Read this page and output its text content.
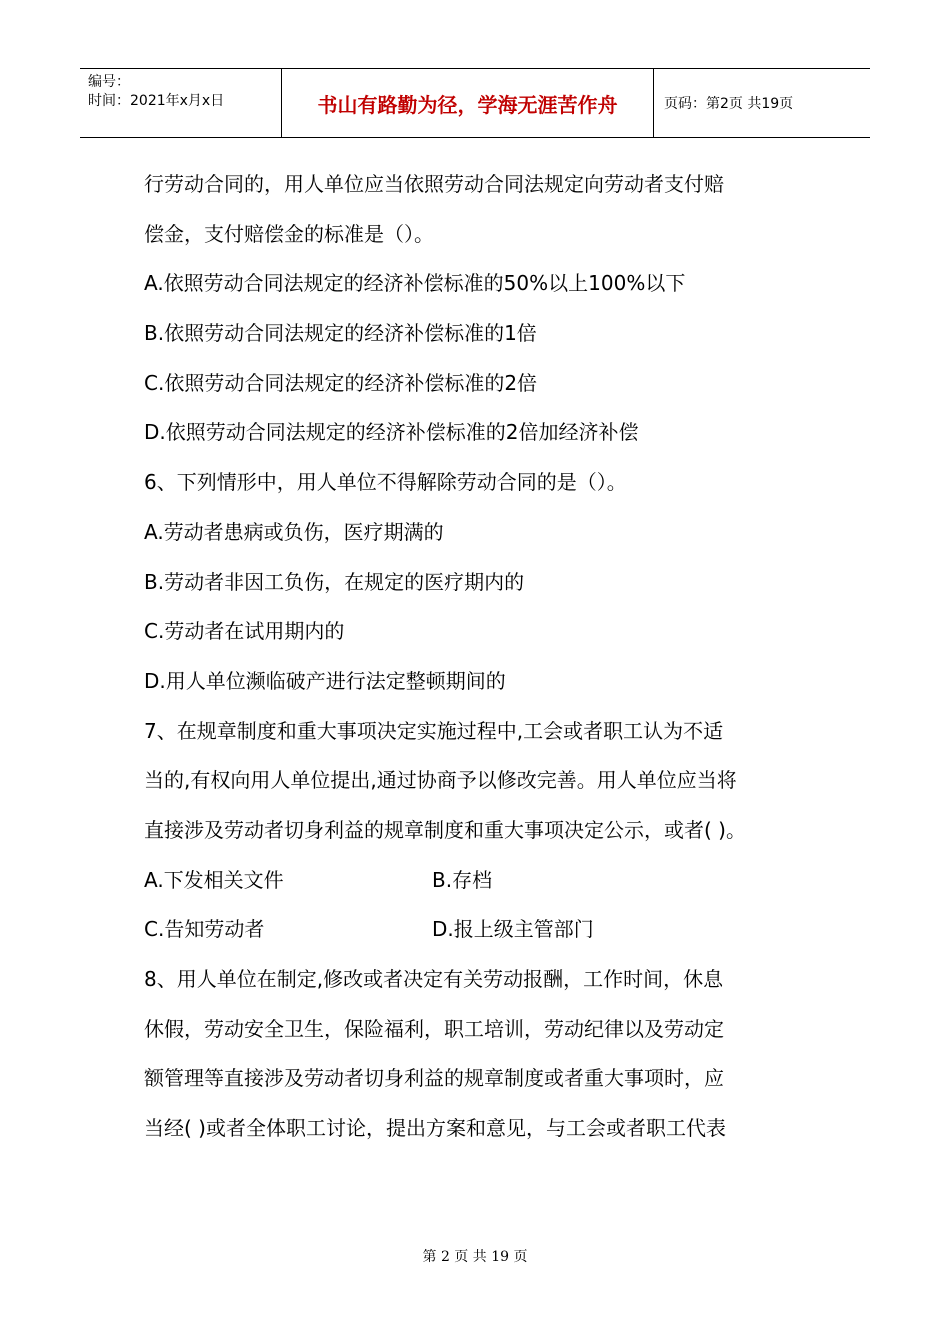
编号：
时间：2021年x月x日	书山有路勤为径，学海无涯苦作舟	页码：第2页 共19页
行劳动合同的，用人单位应当依照劳动合同法规定向劳动者支付赔
偿金，支付赔偿金的标准是（）。
A.依照劳动合同法规定的经济补偿标准的50%以上100%以下
B.依照劳动合同法规定的经济补偿标准的1倍
C.依照劳动合同法规定的经济补偿标准的2倍
D.依照劳动合同法规定的经济补偿标准的2倍加经济补偿
6、下列情形中，用人单位不得解除劳动合同的是（）。
A.劳动者患病或负伤，医疗期满的
B.劳动者非因工负伤，在规定的医疗期内的
C.劳动者在试用期内的
D.用人单位濒临破产进行法定整顿期间的
7、在规章制度和重大事项决定实施过程中,工会或者职工认为不适
当的,有权向用人单位提出,通过协商予以修改完善。用人单位应当将
直接涉及劳动者切身利益的规章制度和重大事项决定公示，或者( )。
A.下发相关文件	B.存档
C.告知劳动者	D.报上级主管部门
8、用人单位在制定,修改或者决定有关劳动报酬，工作时间，休息
休假，劳动安全卫生，保险福利，职工培训，劳动纪律以及劳动定
额管理等直接涉及劳动者切身利益的规章制度或者重大事项时，应
当经( )或者全体职工讨论，提出方案和意见，与工会或者职工代表
第 2 页 共 19 页
